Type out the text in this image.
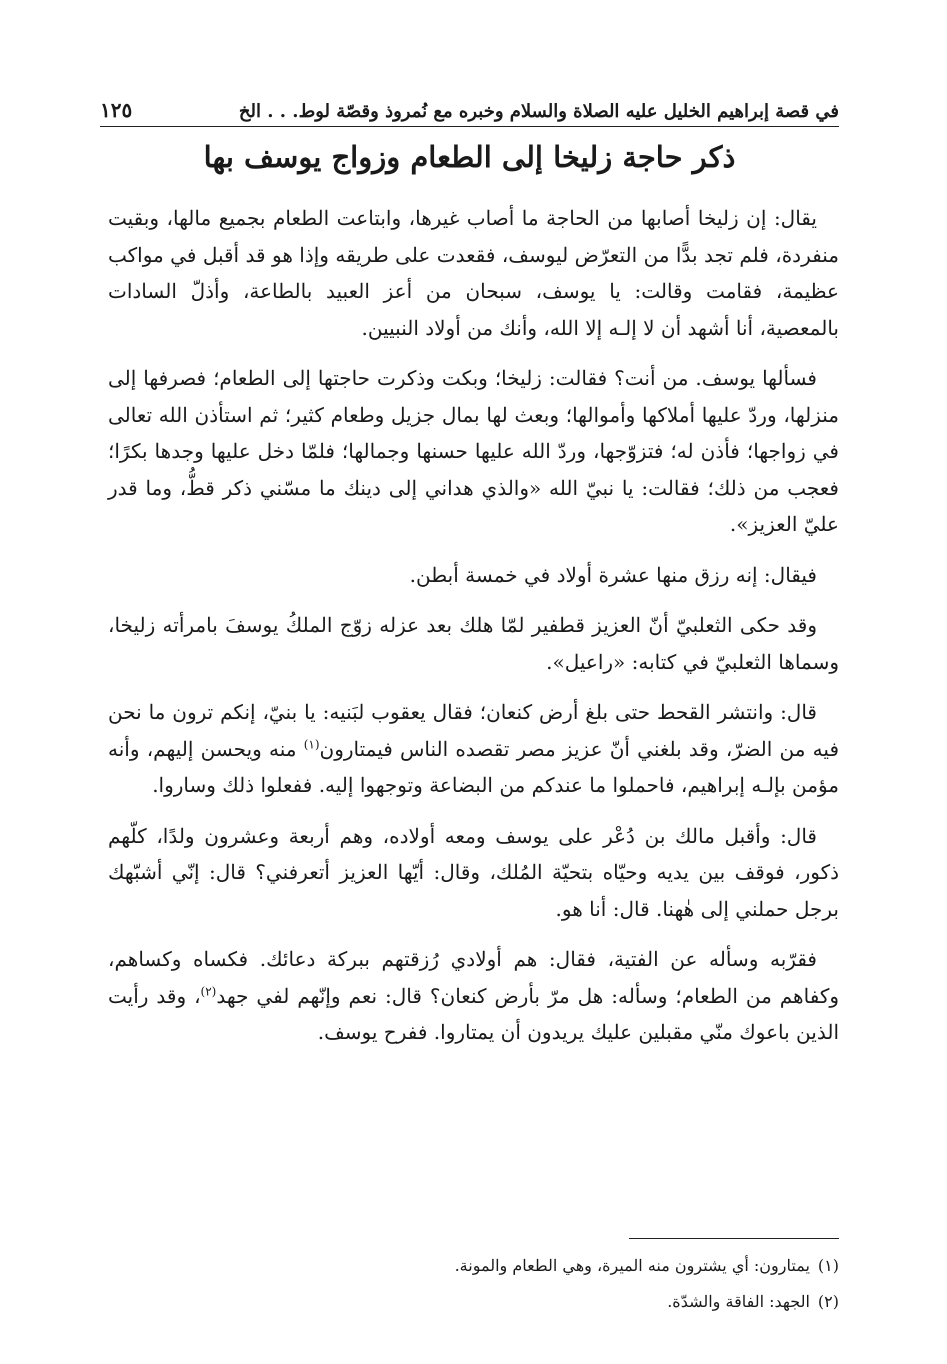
في قصة إبراهيم الخليل عليه الصلاة والسلام وخبره مع نُمروذ وقصّة لوط. . . الخ
١٢٥
ذكر حاجة زليخا إلى الطعام وزواج يوسف بها

يقال: إن زليخا أصابها من الحاجة ما أصاب غيرها، وابتاعت الطعام بجميع مالها، وبقيت منفردة، فلم تجد بدًّا من التعرّض ليوسف، فقعدت على طريقه وإذا هو قد أقبل في مواكب عظيمة، فقامت وقالت: يا يوسف، سبحان من أعز العبيد بالطاعة، وأذلّ السادات بالمعصية، أنا أشهد أن لا إلـه إلا الله، وأنك من أولاد النبيين.

فسألها يوسف. من أنت؟ فقالت: زليخا؛ وبكت وذكرت حاجتها إلى الطعام؛ فصرفها إلى منزلها، وردّ عليها أملاكها وأموالها؛ وبعث لها بمال جزيل وطعام كثير؛ ثم استأذن الله تعالى في زواجها؛ فأذن له؛ فتزوّجها، وردّ الله عليها حسنها وجمالها؛ فلمّا دخل عليها وجدها بكرًا؛ فعجب من ذلك؛ فقالت: يا نبيّ الله «والذي هداني إلى دينك ما مسّني ذكر قطُّ، وما قدر عليّ العزيز».

فيقال: إنه رزق منها عشرة أولاد في خمسة أبطن.

وقد حكى الثعلبيّ أنّ العزيز قطفير لمّا هلك بعد عزله زوّج الملكُ يوسفَ بامرأته زليخا، وسماها الثعلبيّ في كتابه: «راعيل».

قال: وانتشر القحط حتى بلغ أرض كنعان؛ فقال يعقوب لبَنيه: يا بنيّ، إنكم ترون ما نحن فيه من الضرّ، وقد بلغني أنّ عزيز مصر تقصده الناس فيمتارون$^{(١)}$ منه ويحسن إليهم، وأنه مؤمن بإلـه إبراهيم، فاحملوا ما عندكم من البضاعة وتوجهوا إليه. ففعلوا ذلك وساروا.

قال: وأقبل مالك بن دُعْر على يوسف ومعه أولاده، وهم أربعة وعشرون ولدًا، كلّهم ذكور، فوقف بين يديه وحيّاه بتحيّة المُلك، وقال: أيّها العزيز أتعرفني؟ قال: إنّي أشبّهك برجل حملني إلى هٰهنا. قال: أنا هو.

فقرّبه وسأله عن الفتية، فقال: هم أولادي رُزقتهم ببركة دعائك. فكساه وكساهم، وكفاهم من الطعام؛ وسأله: هل مرّ بأرض كنعان؟ قال: نعم وإنّهم لفي جهد$^{(٢)}$، وقد رأيت الذين باعوك منّي مقبلين عليك يريدون أن يمتاروا. ففرح يوسف.

(١)يمتارون: أي يشترون منه الميرة، وهي الطعام والمونة.
(٢)الجهد: الفاقة والشدّة.
